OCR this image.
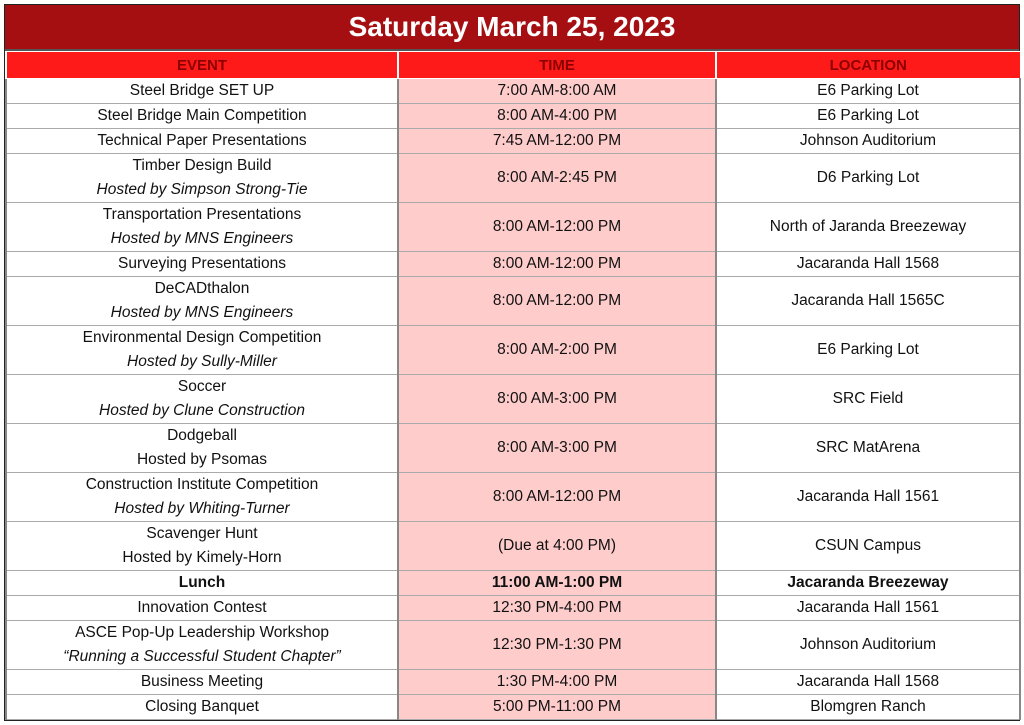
Saturday March 25, 2023
EVENT	TIME	LOCATION

Steel Bridge SET UP	7:00 AM-8:00 AM	E6 Parking Lot

Steel Bridge Main Competition	8:00 AM-4:00 PM	E6 Parking Lot

Technical Paper Presentations	7:45 AM-12:00 PM	Johnson Auditorium

Timber Design Build
Hosted by Simpson Strong-Tie	8:00 AM-2:45 PM	D6 Parking Lot

Transportation Presentations
Hosted by MNS Engineers	8:00 AM-12:00 PM	North of Jaranda Breezeway

Surveying Presentations	8:00 AM-12:00 PM	Jacaranda Hall 1568

DeCADthalon
Hosted by MNS Engineers	8:00 AM-12:00 PM	Jacaranda Hall 1565C

Environmental Design Competition
Hosted by Sully-Miller	8:00 AM-2:00 PM	E6 Parking Lot

Soccer
Hosted by Clune Construction	8:00 AM-3:00 PM	SRC Field

Dodgeball
Hosted by Psomas	8:00 AM-3:00 PM	SRC MatArena

Construction Institute Competition
Hosted by Whiting-Turner	8:00 AM-12:00 PM	Jacaranda Hall 1561

Scavenger Hunt
Hosted by Kimely-Horn	(Due at 4:00 PM)	CSUN Campus

Lunch	11:00 AM-1:00 PM	Jacaranda Breezeway

Innovation Contest	12:30 PM-4:00 PM	Jacaranda Hall 1561

ASCE Pop-Up Leadership Workshop
“Running a Successful Student Chapter”	12:30 PM-1:30 PM	Johnson Auditorium

Business Meeting	1:30 PM-4:00 PM	Jacaranda Hall 1568

Closing Banquet	5:00 PM-11:00 PM	Blomgren Ranch
